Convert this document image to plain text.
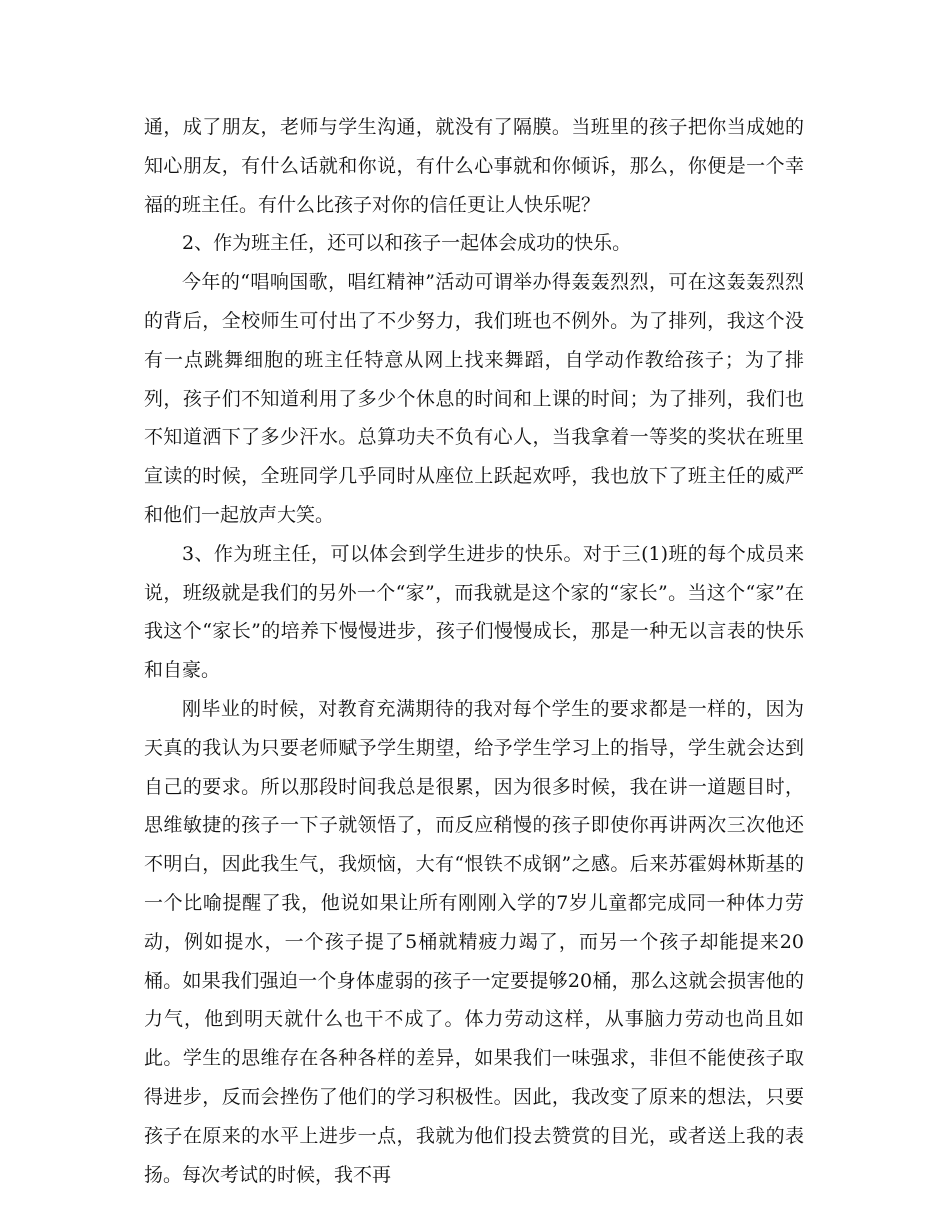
通，成了朋友，老师与学生沟通，就没有了隔膜。当班里的孩子把你当成她的知心朋友，有什么话就和你说，有什么心事就和你倾诉，那么，你便是一个幸福的班主任。有什么比孩子对你的信任更让人快乐呢？

2、作为班主任，还可以和孩子一起体会成功的快乐。

今年的“唱响国歌，唱红精神”活动可谓举办得轰轰烈烈，可在这轰轰烈烈的背后，全校师生可付出了不少努力，我们班也不例外。为了排列，我这个没有一点跳舞细胞的班主任特意从网上找来舞蹈，自学动作教给孩子；为了排列，孩子们不知道利用了多少个休息的时间和上课的时间；为了排列，我们也不知道洒下了多少汗水。总算功夫不负有心人，当我拿着一等奖的奖状在班里宣读的时候，全班同学几乎同时从座位上跃起欢呼，我也放下了班主任的威严和他们一起放声大笑。

3、作为班主任，可以体会到学生进步的快乐。对于三(1)班的每个成员来说，班级就是我们的另外一个“家”，而我就是这个家的“家长”。当这个“家”在我这个“家长”的培养下慢慢进步，孩子们慢慢成长，那是一种无以言表的快乐和自豪。

刚毕业的时候，对教育充满期待的我对每个学生的要求都是一样的，因为天真的我认为只要老师赋予学生期望，给予学生学习上的指导，学生就会达到自己的要求。所以那段时间我总是很累，因为很多时候，我在讲一道题目时，思维敏捷的孩子一下子就领悟了，而反应稍慢的孩子即使你再讲两次三次他还不明白，因此我生气，我烦恼，大有“恨铁不成钢”之感。后来苏霍姆林斯基的一个比喻提醒了我，他说如果让所有刚刚入学的7岁儿童都完成同一种体力劳动，例如提水，一个孩子提了5桶就精疲力竭了，而另一个孩子却能提来20桶。如果我们强迫一个身体虚弱的孩子一定要提够20桶，那么这就会损害他的力气，他到明天就什么也干不成了。体力劳动这样，从事脑力劳动也尚且如此。学生的思维存在各种各样的差异，如果我们一味强求，非但不能使孩子取得进步，反而会挫伤了他们的学习积极性。因此，我改变了原来的想法，只要孩子在原来的水平上进步一点，我就为他们投去赞赏的目光，或者送上我的表扬。每次考试的时候，我不再
